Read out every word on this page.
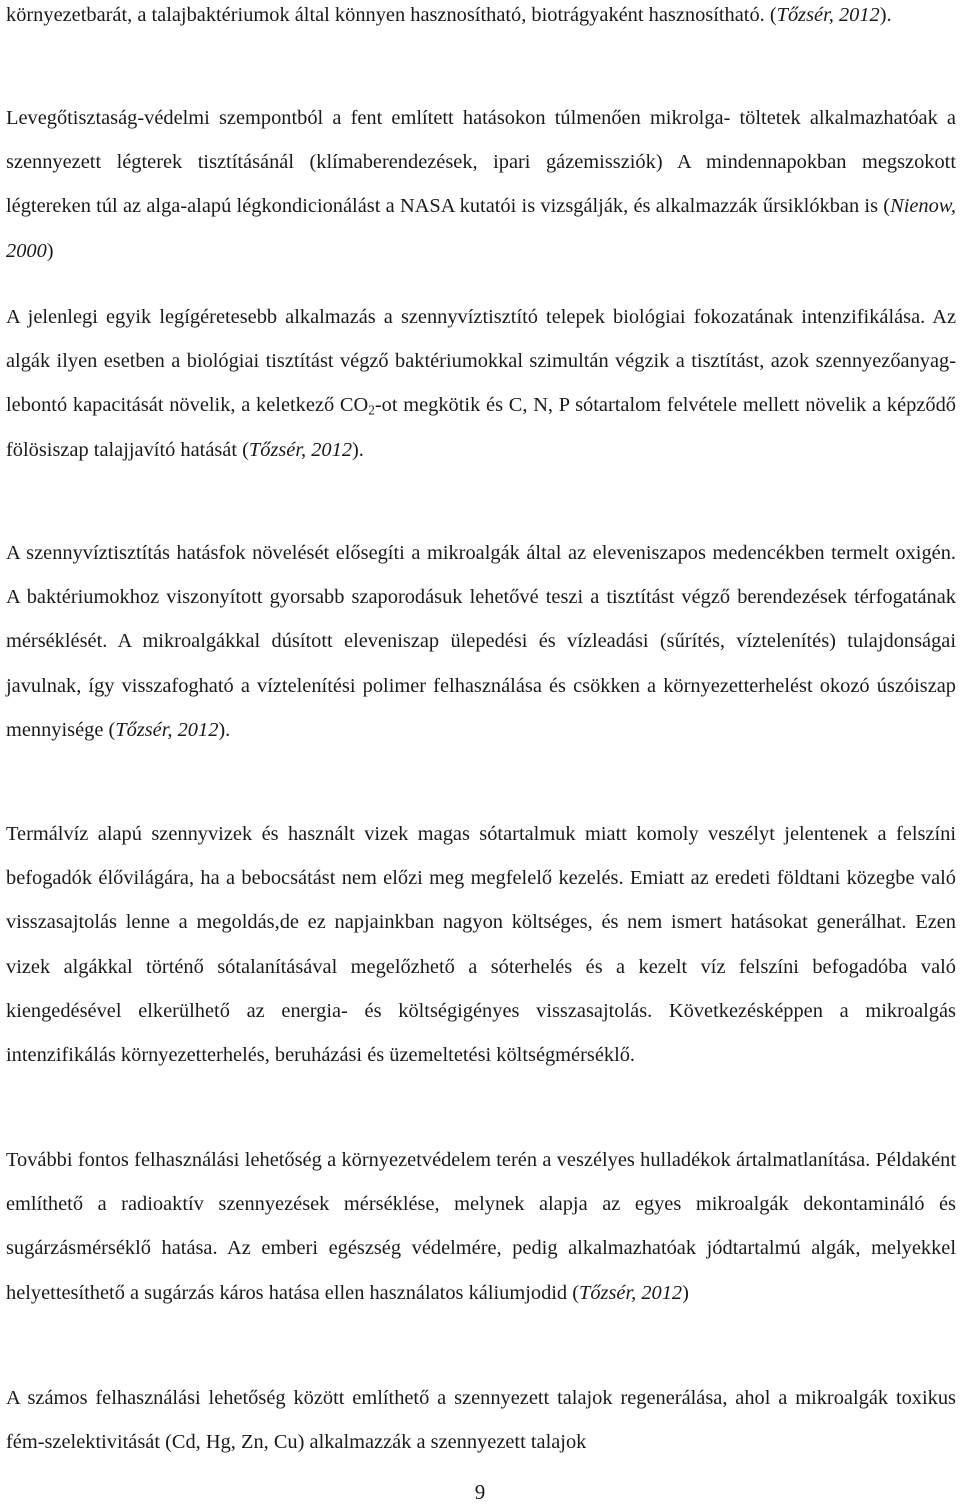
környezetbarát, a talajbaktériumok által könnyen hasznosítható, biotrágyaként hasznosítható. (Tőzsér, 2012).

Levegőtisztaság-védelmi szempontból a fent említett hatásokon túlmenően mikrolga- töltetek alkalmazhatóak a szennyezett légterek tisztításánál (klímaberendezések, ipari gázemissziók) A mindennapokban megszokott légtereken túl az alga-alapú légkondicionálást a NASA kutatói is vizsgálják, és alkalmazzák űrsiklókban is (Nienow, 2000)

A jelenlegi egyik legígéretesebb alkalmazás a szennyvíztisztító telepek biológiai fokozatának intenzifikálása. Az algák ilyen esetben a biológiai tisztítást végző baktériumokkal szimultán végzik a tisztítást, azok szennyezőanyag-lebontó kapacitását növelik, a keletkező $CO_2-ot$ megkötik és C, N, P sótartalom felvétele mellett növelik a képződő fölösiszap talajjavító hatását (Tőzsér, 2012).

A szennyvíztisztítás hatásfok növelését elősegíti a mikroalgák által az eleveniszapos medencékben termelt oxigén. A baktériumokhoz viszonyított gyorsabb szaporodásuk lehetővé teszi a tisztítást végző berendezések térfogatának mérséklését. A mikroalgákkal dúsított eleveniszap ülepedési és vízleadási (sűrítés, víztelenítés) tulajdonságai javulnak, így visszafogható a víztelenítési polimer felhasználása és csökken a környezetterhelést okozó úszóiszap mennyisége (Tőzsér, 2012).

Termálvíz alapú szennyvizek és használt vizek magas sótartalmuk miatt komoly veszélyt jelentenek a felszíni befogadók élővilágára, ha a bebocsátást nem előzi meg megfelelő kezelés. Emiatt az eredeti földtani közegbe való visszasajtolás lenne a megoldás,de ez napjainkban nagyon költséges, és nem ismert hatásokat generálhat. Ezen vizek algákkal történő sótalanításával megelőzhető a sóterhelés és a kezelt víz felszíni befogadóba való kiengedésével elkerülhető az energia- és költségigényes visszasajtolás. Következésképpen a mikroalgás intenzifikálás környezetterhelés, beruházási és üzemeltetési költségmérséklő.

További fontos felhasználási lehetőség a környezetvédelem terén a veszélyes hulladékok ártalmatlanítása. Példaként említhető a radioaktív szennyezések mérséklése, melynek alapja az egyes mikroalgák dekontamináló és sugárzásmérséklő hatása. Az emberi egészség védelmére, pedig alkalmazhatóak jódtartalmú algák, melyekkel helyettesíthető a sugárzás káros hatása ellen használatos káliumjodid (Tőzsér, 2012)

A számos felhasználási lehetőség között említhető a szennyezett talajok regenerálása, ahol a mikroalgák toxikus fém-szelektivitását (Cd, Hg, Zn, Cu) alkalmazzák a szennyezett talajok

9
